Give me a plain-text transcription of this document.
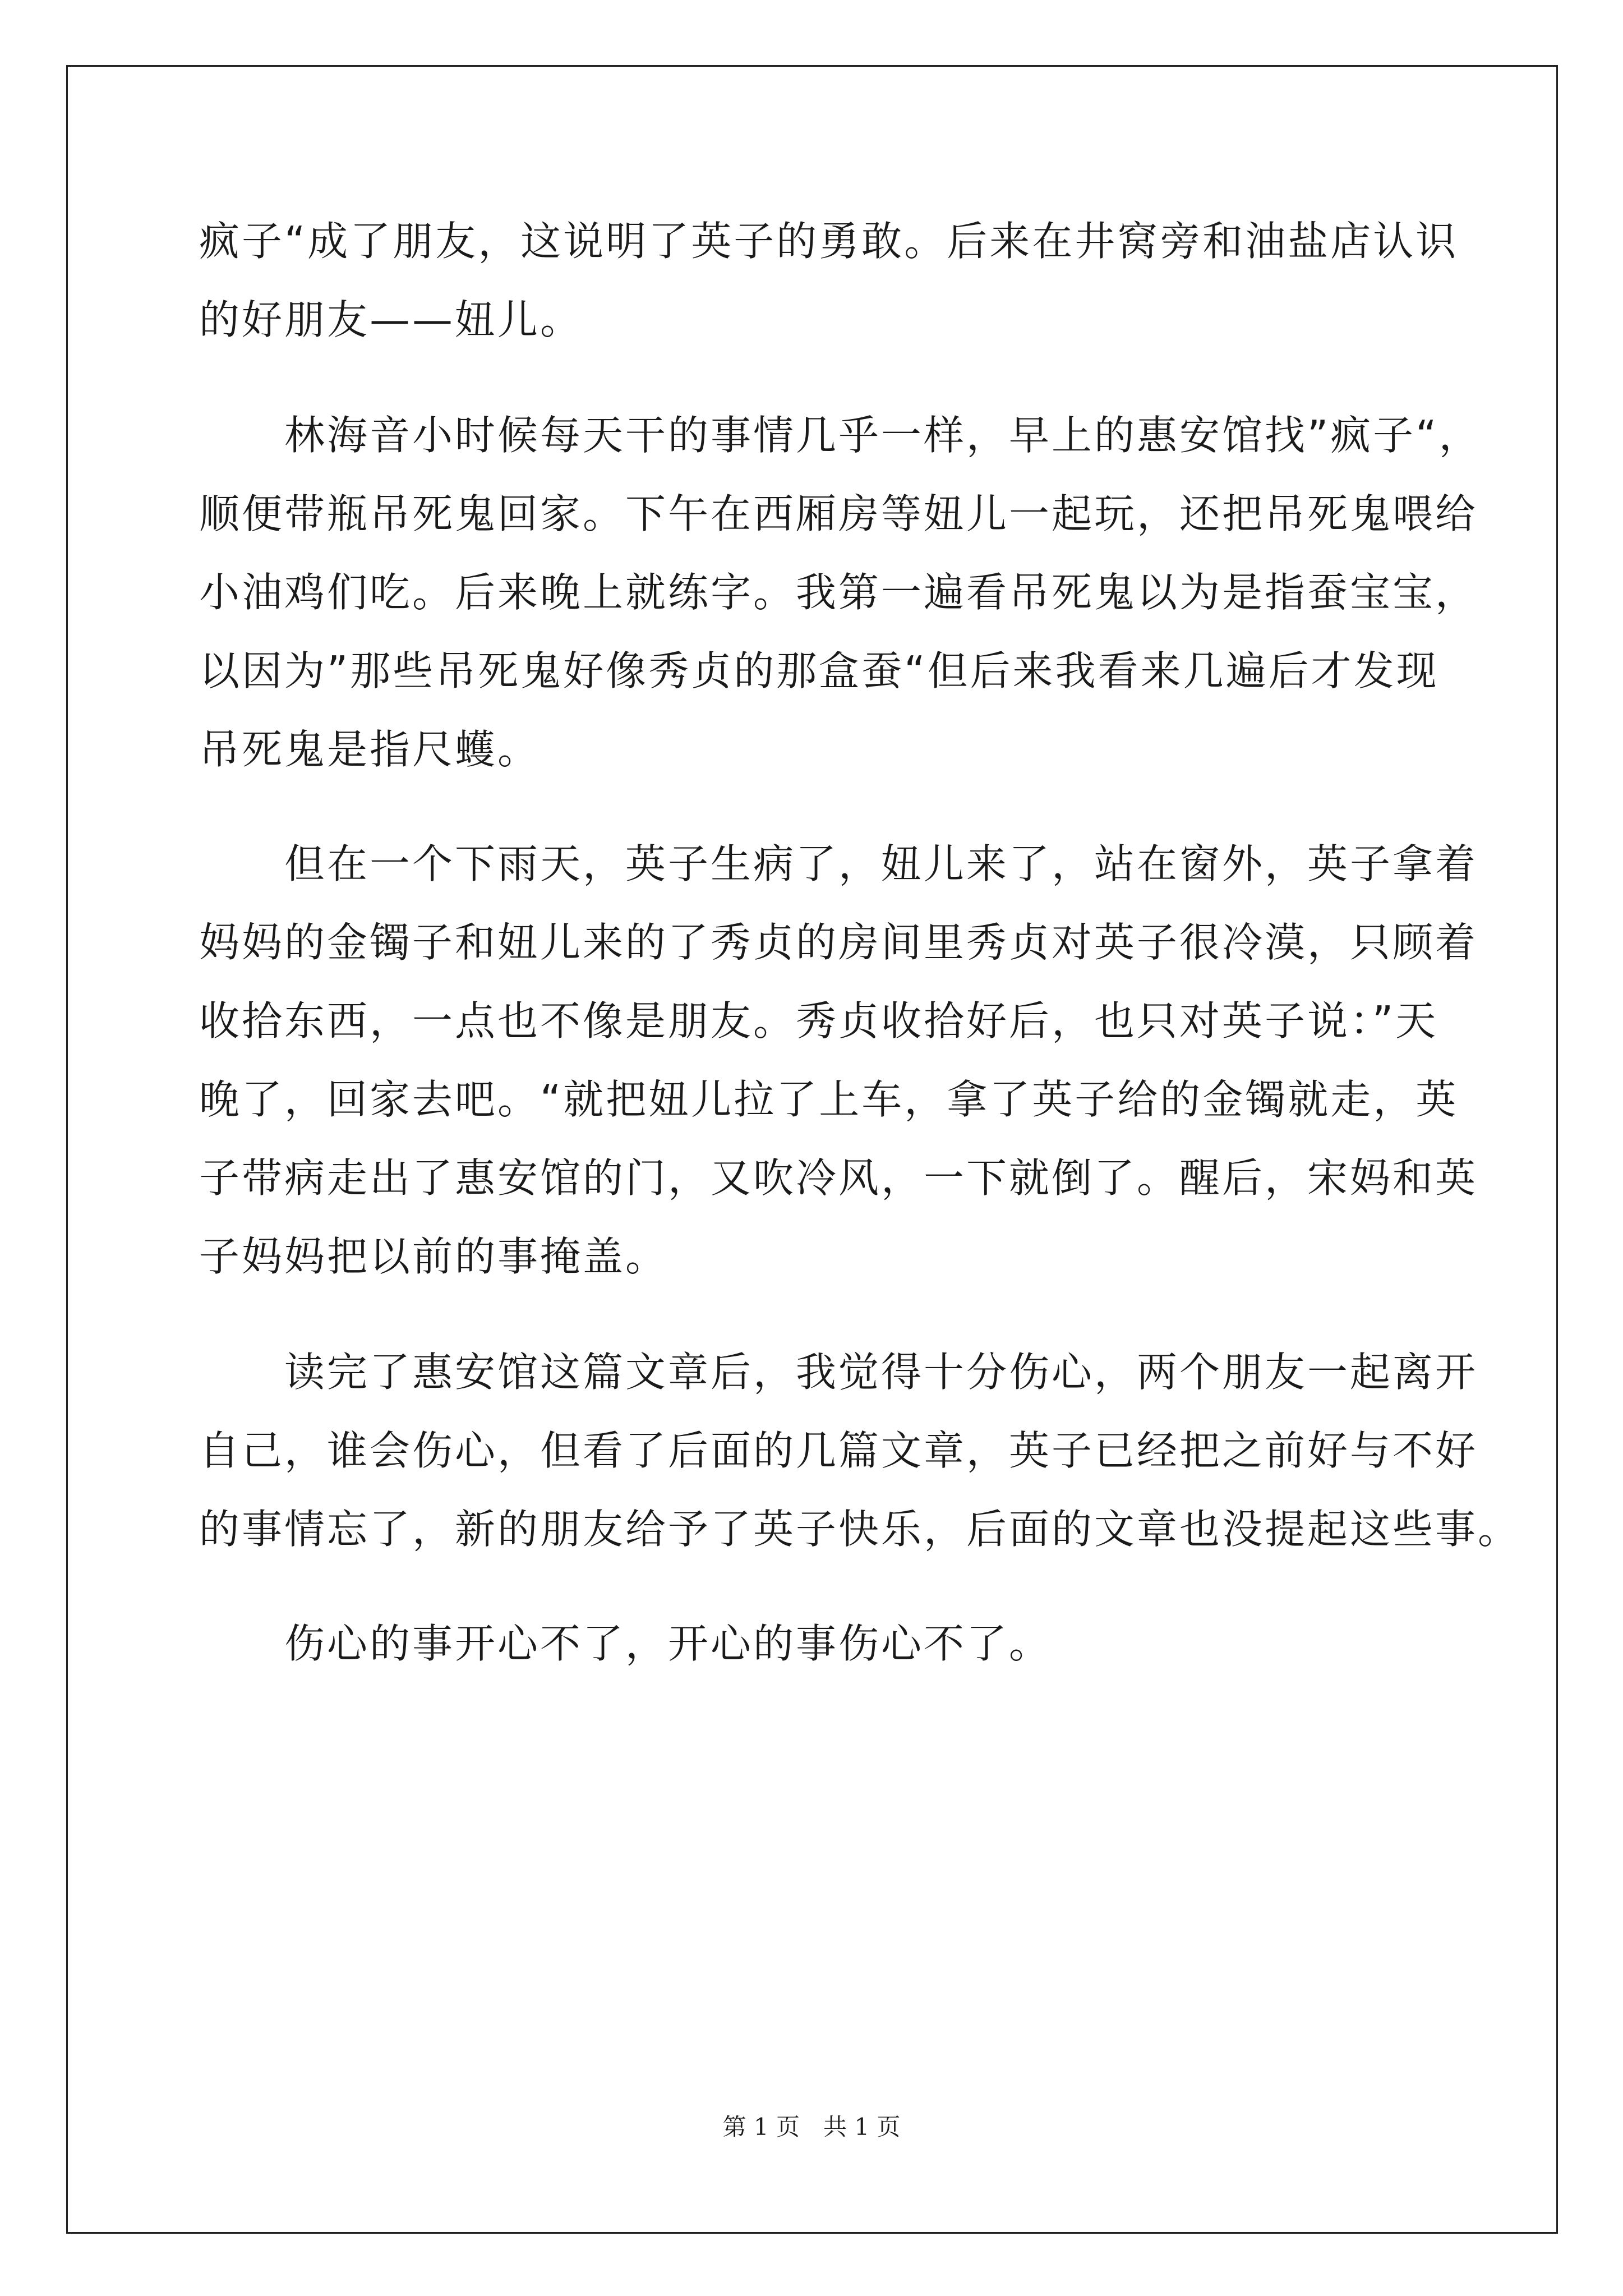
疯子“成了朋友，这说明了英子的勇敢。后来在井窝旁和油盐店认识
的好朋友——妞儿。
　　林海音小时候每天干的事情几乎一样，早上的惠安馆找”疯子“，
顺便带瓶吊死鬼回家。下午在西厢房等妞儿一起玩，还把吊死鬼喂给
小油鸡们吃。后来晚上就练字。我第一遍看吊死鬼以为是指蚕宝宝，
以因为”那些吊死鬼好像秀贞的那盒蚕“但后来我看来几遍后才发现
吊死鬼是指尺蠖。
　　但在一个下雨天，英子生病了，妞儿来了，站在窗外，英子拿着
妈妈的金镯子和妞儿来的了秀贞的房间里秀贞对英子很冷漠，只顾着
收拾东西，一点也不像是朋友。秀贞收拾好后，也只对英子说：”天
晚了，回家去吧。“就把妞儿拉了上车，拿了英子给的金镯就走，英
子带病走出了惠安馆的门，又吹冷风，一下就倒了。醒后，宋妈和英
子妈妈把以前的事掩盖。
　　读完了惠安馆这篇文章后，我觉得十分伤心，两个朋友一起离开
自己，谁会伤心，但看了后面的几篇文章，英子已经把之前好与不好
的事情忘了，新的朋友给予了英子快乐，后面的文章也没提起这些事。
　　伤心的事开心不了，开心的事伤心不了。
第 1 页　共 1 页
